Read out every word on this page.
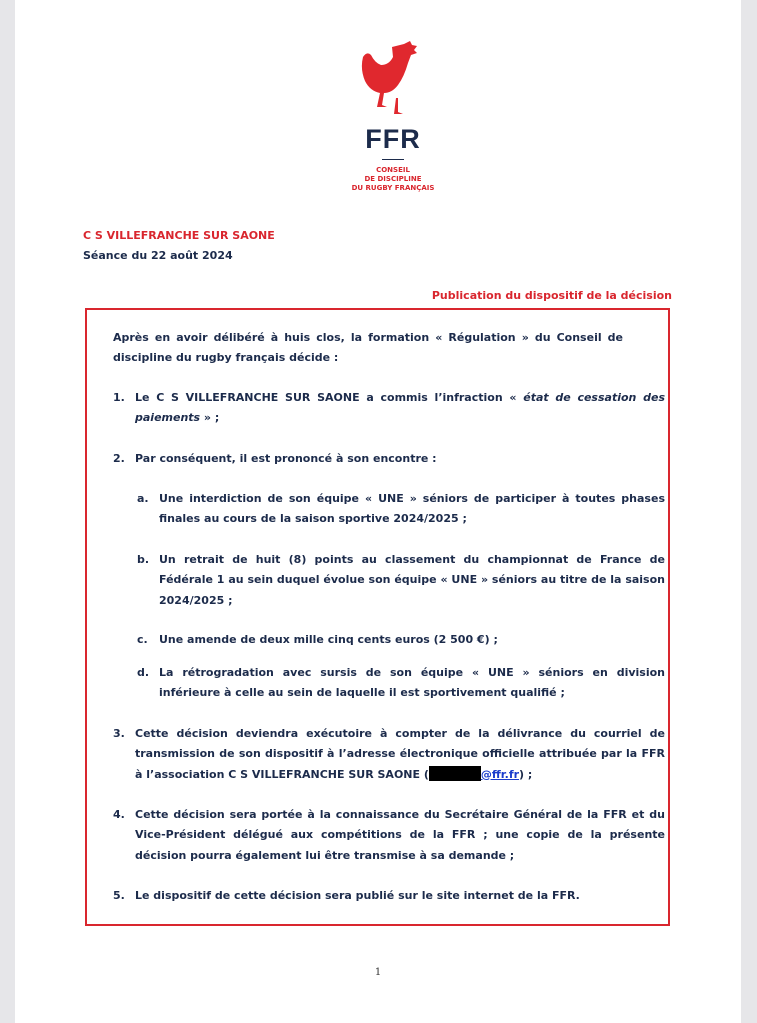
FFR
CONSEIL
DE DISCIPLINE
DU RUGBY FRANÇAIS
C S VILLEFRANCHE SUR SAONE
Séance du 22 août 2024
Publication du dispositif de la décision
Après en avoir délibéré à huis clos, la formation « Régulation » du Conseil de discipline du rugby français décide :
1. Le C S VILLEFRANCHE SUR SAONE a commis l’infraction « état de cessation des paiements » ;
2. Par conséquent, il est prononcé à son encontre :
a. Une interdiction de son équipe « UNE » séniors de participer à toutes phases finales au cours de la saison sportive 2024/2025 ;
b. Un retrait de huit (8) points au classement du championnat de France de Fédérale 1 au sein duquel évolue son équipe « UNE » séniors au titre de la saison 2024/2025 ;
c. Une amende de deux mille cinq cents euros (2 500 €) ;
d. La rétrogradation avec sursis de son équipe « UNE » séniors en division inférieure à celle au sein de laquelle il est sportivement qualifié ;
3. Cette décision deviendra exécutoire à compter de la délivrance du courriel de transmission de son dispositif à l’adresse électronique officielle attribuée par la FFR à l’association C S VILLEFRANCHE SUR SAONE (	@ffr.fr) ;
4. Cette décision sera portée à la connaissance du Secrétaire Général de la FFR et du Vice-Président délégué aux compétitions de la FFR ; une copie de la présente décision pourra également lui être transmise à sa demande ;
5. Le dispositif de cette décision sera publié sur le site internet de la FFR.
1
